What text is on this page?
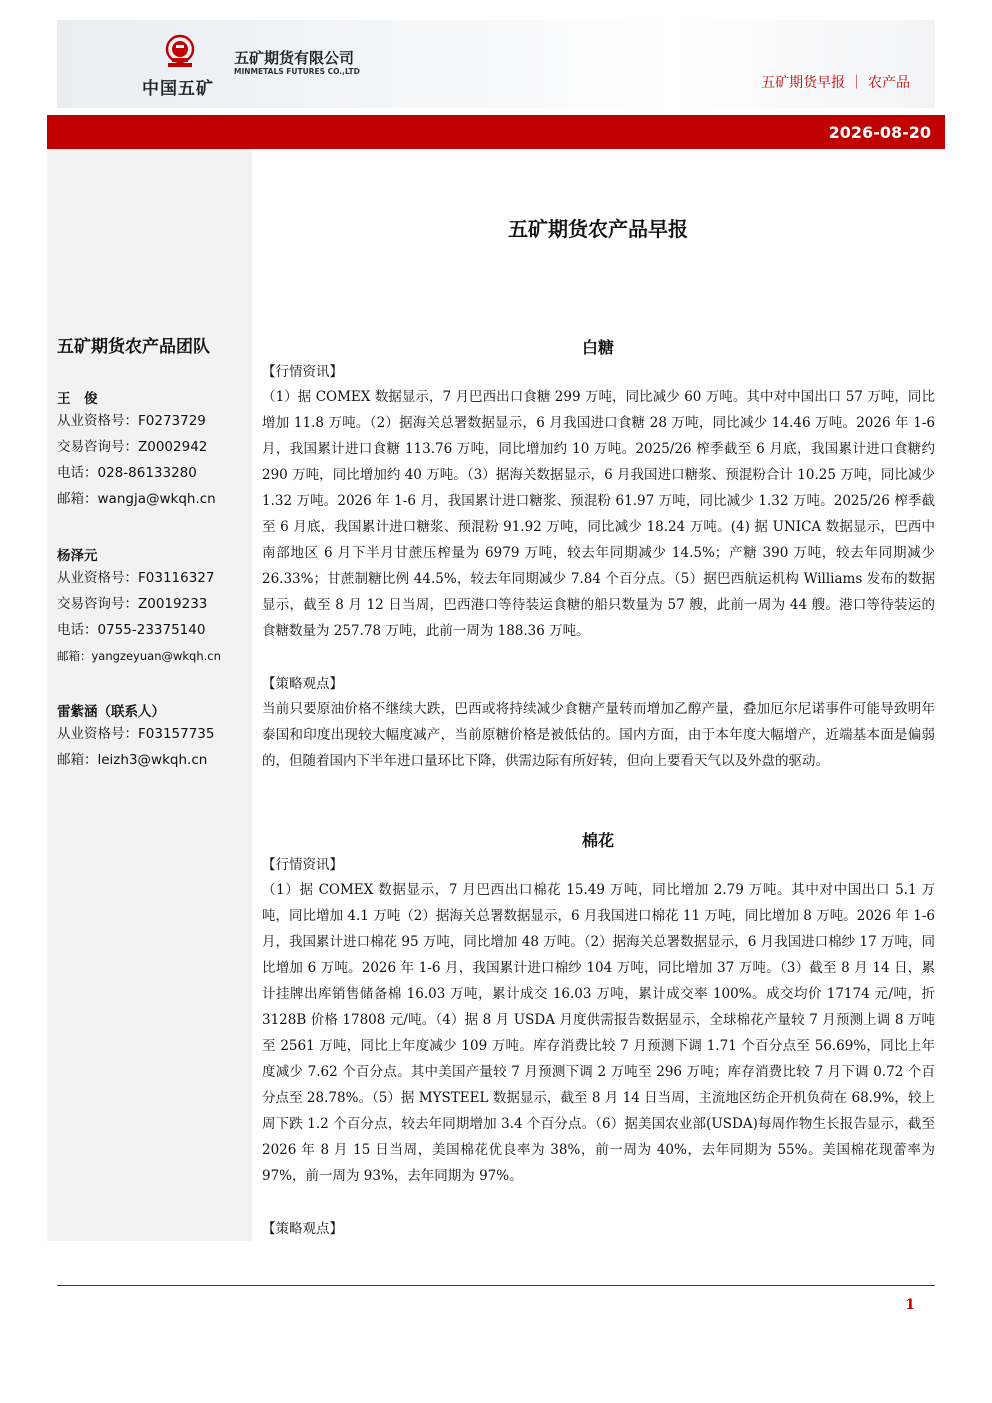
中国五矿

五矿期货有限公司

MINMETALS FUTURES CO.,LTD

五矿期货早报 ｜ 农产品

2026-08-20

五矿期货农产品团队

王　俊

从业资格号：F0273729

交易咨询号：Z0002942

电话：028-86133280

邮箱：wangja@wkqh.cn

杨泽元

从业资格号：F03116327

交易咨询号：Z0019233

电话：0755-23375140

邮箱：yangzeyuan@wkqh.cn

雷紫涵（联系人）

从业资格号：F03157735

邮箱：leizh3@wkqh.cn

五矿期货农产品早报
白糖

【行情资讯】

（1）据 COMEX 数据显示，7 月巴西出口食糖 299 万吨，同比减少 60 万吨。其中对中国出口 57 万吨，同比增加 11.8 万吨。（2）据海关总署数据显示，6 月我国进口食糖 28 万吨，同比减少 14.46 万吨。2026 年 1-6 月，我国累计进口食糖 113.76 万吨，同比增加约 10 万吨。2025/26 榨季截至 6 月底，我国累计进口食糖约 290 万吨，同比增加约 40 万吨。（3）据海关数据显示，6 月我国进口糖浆、预混粉合计 10.25 万吨，同比减少 1.32 万吨。2026 年 1-6 月，我国累计进口糖浆、预混粉 61.97 万吨，同比减少 1.32 万吨。2025/26 榨季截至 6 月底，我国累计进口糖浆、预混粉 91.92 万吨，同比减少 18.24 万吨。(4) 据 UNICA 数据显示，巴西中南部地区 6 月下半月甘蔗压榨量为 6979 万吨，较去年同期减少 14.5%；产糖 390 万吨，较去年同期减少 26.33%；甘蔗制糖比例 44.5%，较去年同期减少 7.84 个百分点。（5）据巴西航运机构 Williams 发布的数据显示，截至 8 月 12 日当周，巴西港口等待装运食糖的船只数量为 57 艘，此前一周为 44 艘。港口等待装运的食糖数量为 257.78 万吨，此前一周为 188.36 万吨。

【策略观点】

当前只要原油价格不继续大跌，巴西或将持续减少食糖产量转而增加乙醇产量，叠加厄尔尼诺事件可能导致明年泰国和印度出现较大幅度减产，当前原糖价格是被低估的。国内方面，由于本年度大幅增产，近端基本面是偏弱的，但随着国内下半年进口量环比下降，供需边际有所好转，但向上要看天气以及外盘的驱动。

棉花

【行情资讯】

（1）据 COMEX 数据显示，7 月巴西出口棉花 15.49 万吨，同比增加 2.79 万吨。其中对中国出口 5.1 万吨，同比增加 4.1 万吨（2）据海关总署数据显示，6 月我国进口棉花 11 万吨，同比增加 8 万吨。2026 年 1-6 月，我国累计进口棉花 95 万吨，同比增加 48 万吨。（2）据海关总署数据显示，6 月我国进口棉纱 17 万吨，同比增加 6 万吨。2026 年 1-6 月，我国累计进口棉纱 104 万吨，同比增加 37 万吨。（3）截至 8 月 14 日，累计挂牌出库销售储备棉 16.03 万吨，累计成交 16.03 万吨，累计成交率 100%。成交均价 17174 元/吨，折 3128B 价格 17808 元/吨。（4）据 8 月 USDA 月度供需报告数据显示，全球棉花产量较 7 月预测上调 8 万吨至 2561 万吨，同比上年度减少 109 万吨。库存消费比较 7 月预测下调 1.71 个百分点至 56.69%，同比上年度减少 7.62 个百分点。其中美国产量较 7 月预测下调 2 万吨至 296 万吨；库存消费比较 7 月下调 0.72 个百分点至 28.78%。（5）据 MYSTEEL 数据显示，截至 8 月 14 日当周，主流地区纺企开机负荷在 68.9%，较上周下跌 1.2 个百分点，较去年同期增加 3.4 个百分点。（6）据美国农业部(USDA)每周作物生长报告显示，截至 2026 年 8 月 15 日当周，美国棉花优良率为 38%，前一周为 40%，去年同期为 55%。美国棉花现蕾率为 97%，前一周为 93%，去年同期为 97%。

【策略观点】

1
